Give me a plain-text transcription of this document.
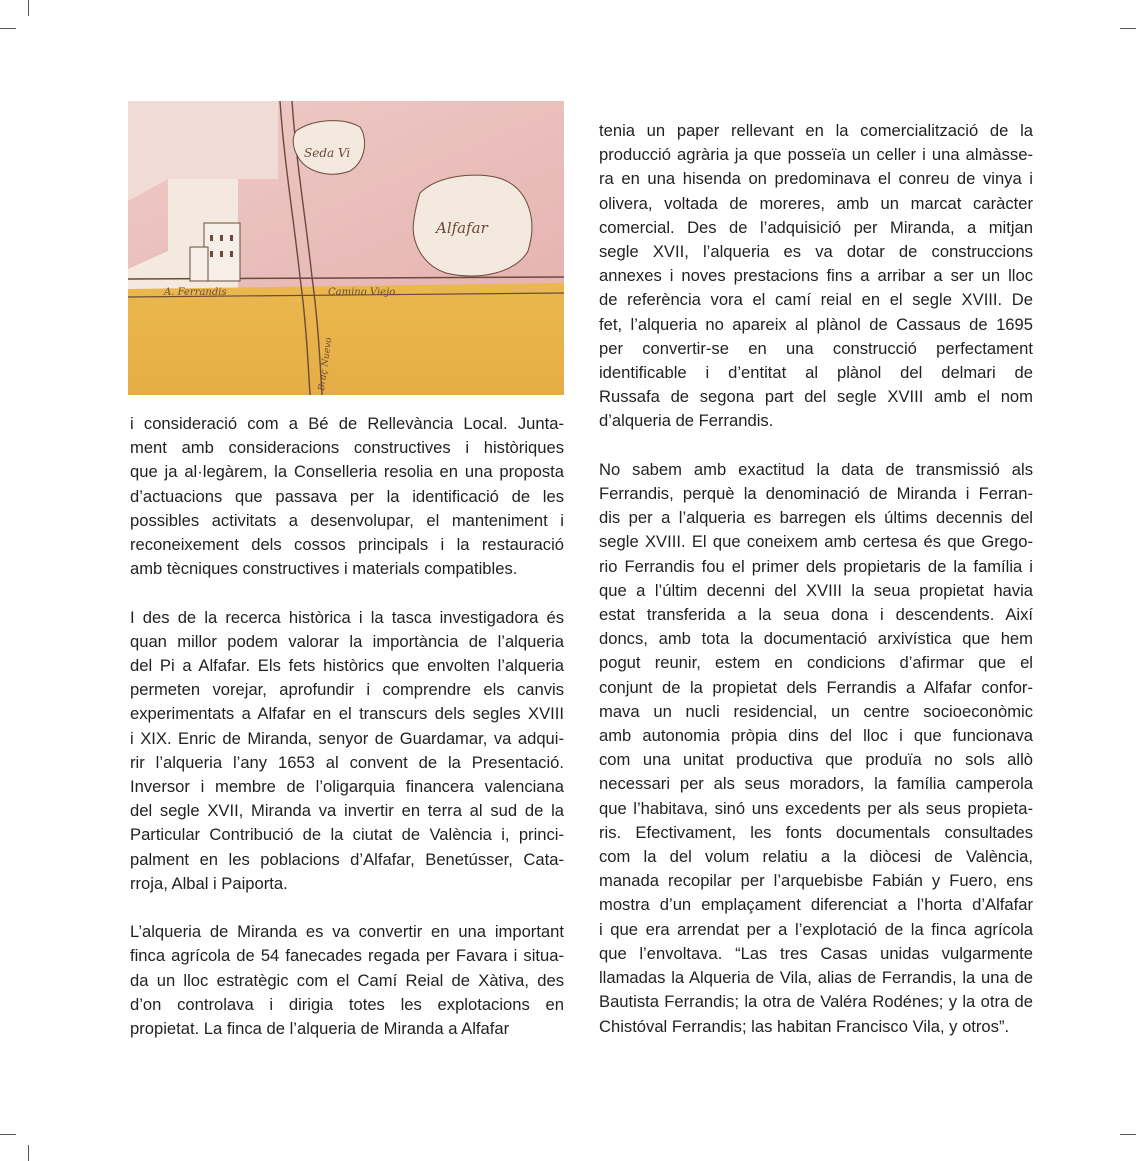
Seda Vi
Alfafar
A. Ferrandis	Camino Viejo
Braç Nuevo
i consideració com a Bé de Rellevància Local. Junta-
ment amb consideracions constructives i històriques
que ja al·legàrem, la Conselleria resolia en una proposta
d’actuacions que passava per la identificació de les
possibles activitats a desenvolupar, el manteniment i
reconeixement dels cossos principals i la restauració
amb tècniques constructives i materials compatibles.
I des de la recerca històrica i la tasca investigadora és
quan millor podem valorar la importància de l’alqueria
del Pi a Alfafar. Els fets històrics que envolten l’alqueria
permeten vorejar, aprofundir i comprendre els canvis
experimentats a Alfafar en el transcurs dels segles XVIII
i XIX. Enric de Miranda, senyor de Guardamar, va adqui-
rir l’alqueria l’any 1653 al convent de la Presentació.
Inversor i membre de l’oligarquia financera valenciana
del segle XVII, Miranda va invertir en terra al sud de la
Particular Contribució de la ciutat de València i, princi-
palment en les poblacions d’Alfafar, Benetússer, Cata-
rroja, Albal i Paiporta.
L’alqueria de Miranda es va convertir en una important
finca agrícola de 54 fanecades regada per Favara i situa-
da un lloc estratègic com el Camí Reial de Xàtiva, des
d’on controlava i dirigia totes les explotacions en
propietat. La finca de l’alqueria de Miranda a Alfafar
tenia un paper rellevant en la comercialització de la
producció agrària ja que posseïa un celler i una almàsse-
ra en una hisenda on predominava el conreu de vinya i
olivera, voltada de moreres, amb un marcat caràcter
comercial. Des de l’adquisició per Miranda, a mitjan
segle XVII, l’alqueria es va dotar de construccions
annexes i noves prestacions fins a arribar a ser un lloc
de referència vora el camí reial en el segle XVIII. De
fet, l’alqueria no apareix al plànol de Cassaus de 1695
per convertir-se en una construcció perfectament
identificable i d’entitat al plànol del delmari de
Russafa de segona part del segle XVIII amb el nom
d’alqueria de Ferrandis.
No sabem amb exactitud la data de transmissió als
Ferrandis, perquè la denominació de Miranda i Ferran-
dis per a l’alqueria es barregen els últims decennis del
segle XVIII. El que coneixem amb certesa és que Grego-
rio Ferrandis fou el primer dels propietaris de la família i
que a l’últim decenni del XVIII la seua propietat havia
estat transferida a la seua dona i descendents. Així
doncs, amb tota la documentació arxivística que hem
pogut reunir, estem en condicions d’afirmar que el
conjunt de la propietat dels Ferrandis a Alfafar confor-
mava un nucli residencial, un centre socioeconòmic
amb autonomia pròpia dins del lloc i que funcionava
com una unitat productiva que produïa no sols allò
necessari per als seus moradors, la família camperola
que l’habitava, sinó uns excedents per als seus propieta-
ris. Efectivament, les fonts documentals consultades
com la del volum relatiu a la diòcesi de València,
manada recopilar per l’arquebisbe Fabián y Fuero, ens
mostra d’un emplaçament diferenciat a l’horta d’Alfafar
i que era arrendat per a l’explotació de la finca agrícola
que l’envoltava. “Las tres Casas unidas vulgarmente
llamadas la Alqueria de Vila, alias de Ferrandis, la una de
Bautista Ferrandis; la otra de Valéra Rodénes; y la otra de
Chistóval Ferrandis; las habitan Francisco Vila, y otros”.
